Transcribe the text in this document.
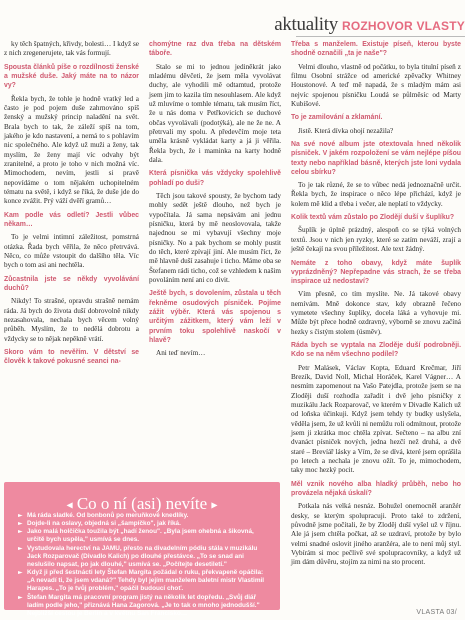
aktuality ROZHOVOR VLASTY

ky těch špatných, křivdy, bolesti… I když se z nich zregenerujete, tak vás formují.

Spousta článků píše o rozdílnosti ženské a mužské duše. Jaký máte na to názor vy?

Řekla bych, že tohle je hodně vratký led a často je pod pojem duše zahrnováno spíš ženský a mužský princip naladění na svět. Brala bych to tak, že záleží spíš na tom, jakého je kdo nastavení, a nemá to s pohlavím nic společného. Ale když už muži a ženy, tak myslím, že ženy mají víc odvahy být zranitelné, a proto je toho v nich možná víc. Mimochodem, nevím, jestli si pravě nepovídáme o tom nějakém uchopitelném tématu na světě, i když se říká, že duše jde do konce zvážit. Prý váží dvěří gramů…

Kam podle vás odletí? Jestli vůbec někam…

To je velmi intimní záležitost, pomstrná otázka. Řada bych věřila, že něco přetrvává. Něco, co může vstoupit do dalšího těla. Víc bych o tom asi ani nechtěla.

Zůcastnila jste se někdy vyvolávání duchů?

Nikdy! To strašné, opravdu strašně nemám ráda. Já bych do života duší dobrovolně nikdy nezasahovala, nechala bych věcem volný průběh. Myslím, že to nedělá dobrotu a vždycky se to nějak nepěkně vrátí.

Skoro vám to nevěřím. V dětství se člověk k takové pokusné seanci na-

chomýtne raz dva třeba na dětském táboře.

Stalo se mi to jednou jediněkrát jako mladému děvčeti, že jsem měla vyvolávat duchy, ale vyhodili mě odtamtud, protože jsem jim to kazila tím nesouhlasem. Ale když už mluvíme o tomhle tématu, tak musím říct, že u nás doma v Petřkovicích se duchové občas vyvolávali (podotýká), ale ne že ne. A přetrvali my spolu. A předevčím moje teta uměla krásně vykládat karty a já ji věřila. Řekla bych, že i maminka na karty hodně dala.

Která písnička vás vždycky spolehlivě pohladí po duši?

Těch jsou takové spousty, že bychom tady mohly sedět ještě dlouho, než bych je vypočítala. Já sama nepsávám ani jednu písničku, která by mě neoslovovala, takže najednou se mi vybavují všechny moje písničky. No a pak bychom se mohly pustit do těch, které zpívají jiní. Ale musím říct, že mě hlavně duší zasahuje i ticho. Máme oba se Štefanem rádi ticho, což se vzhledem k našim povoláním není ani co divit.

Ještě bych, s dovolením, zůstala u těch řekněme osudových písniček. Pojíme zážit výběr. Která vás spojenou s určitým zážitkem, který vám leží v prvním toku spolehlivě naskočí v hlavě?

Ani teď nevím…

Třeba s manželem. Existuje píseň, kterou byste shodně označili „ta je naše"?

Velmi dlouho, vlastně od počátku, to byla titulní píseň z filmu Osobní strážce od americké zpěvačky Whitney Houstonové. A teď mě napadá, že s mladým mám asi nejvíc spojenou písničku Loudá se půlměsíc od Marty Kubišové.

To je zamilování a zklamání.

Jistě. Která dívka ohojí nezažila?

Na své nové album jste otextovala hned několik písniček. V jakém rozpoložení se vám nejlépe píšou texty nebo například básně, kterých jste loni vydala celou sbírku?

To je tak různé, že se to vůbec nedá jednoznačně určit. Řekla bych, že inspirace o něco lépe přichází, když je kolem mě klid a třeba i večer, ale neplatí to vždycky.

Kolik textů vám zůstalo po Zlodějí duší v šuplíku?

Šuplík je úplně prázdný, alespoň co se týká volných textů. Jsou v nich jen ryzky, které se zatím neváží, zrají a ještě čekají na svou příležitost. Ale text žádný.

Nemáte z toho obavy, když máte šuplík vyprázdněný? Nepřepadne vás strach, že se třeba inspirace už nedostaví?

Vím přesně, co tím myslíte. Ne. Já takové obavy nemívám. Mně dokonce stav, kdy obrazně řečeno vymetete všechny šuplíky, docela láká a vyhovuje mi. Může být přece hodně ozdravný, výborně se znovu začíná hezky s čistým stolem (úsměv).

Ráda bych se vyptala na Zloděje duší podrobněji. Kdo se na něm všechno podílel?

Petr Malásek, Václav Kopta, Eduard Krečmar, Jiří Brezík, David Noll, Michal Horáček, Karel Vágner… A nesmím zapomenout na Vašo Patejdla, protože jsem se na Zloději duší rozhodla zařadit i dvě jeho písničky z muzikálu Jack Rozparovač, ve kterém v Divadle Kalich už od loňska účinkuji. Když jsem tehdy ty budky uslyšela, věděla jsem, že už kvůli ni nemůžu roli odmítnout, protože jsem ji zkrátka moc chtěla zpívat. Sečteno – na albu zní dvanáct písniček nových, jedna hezčí než druhá, a dvě staré – Brevíář lásky a Vím, že se dívá, které jsem oprášila po letech a nechala je znovu ožít. To je, mimochodem, taky moc hezký pocit.

Měl vznik nového alba hladký průběh, nebo ho provázela nějaká úskalí?

Potkala nás velká nesnáz. Bohužel onemocněl aranžér desky, se kterým spolupracuji. Proto také to zdržení, původně jsme počítali, že by Zloděj duší vyšel už v říjnu. Ale já jsem chtěla počkat, až se uzdraví, protože by bylo velmi snadné oslovit jiného aranžéra, ale to není můj styl. Vybírám si moc pečlivě své spolupracovníky, a když už jim dám důvěru, stojím za nimi na sto procent.

◀ Co o ní (asi) nevíte ▶
► Má ráda sladké. Od bonbonů po meruňkové knedlíky.
► Dojde-li na oslavy, objedná si „šampíčko", jak říká.
► Jako malá holčička toužila být „hadí ženou". „Byla jsem ohebná a šikovná, určitě bych uspěla," usmívá se dnes.
► Vystudovala herectví na JAMU, přesto na divadelním pódiu stála v muzikálu Jack Rozparovač (Divadlo Kalich) po dlouhé přestávce. „To se snad ani neslušilo napsat, po jak dlouhé," usmívá se. „Počítejte desetiletí."
► Když ji před šestnácti lety Štefan Margita požádal o ruku, překvapeně opáčila: „A nevadí ti, že jsem vdaná?" Tehdy byl jejím manželem baletní mistr Vlastimil Harapes. „To je tvůj problém," opáčil budoucí choť.
► Štefan Margita má pracovní program jistý na několik let dopředu. „Svůj diář ladím podle jeho," přiznává Hana Zagorová. „Je to tak o mnoho jednodušší." Nejbližší cestou je Berlín a v květnu San Francisko…	VLASTA 03/
